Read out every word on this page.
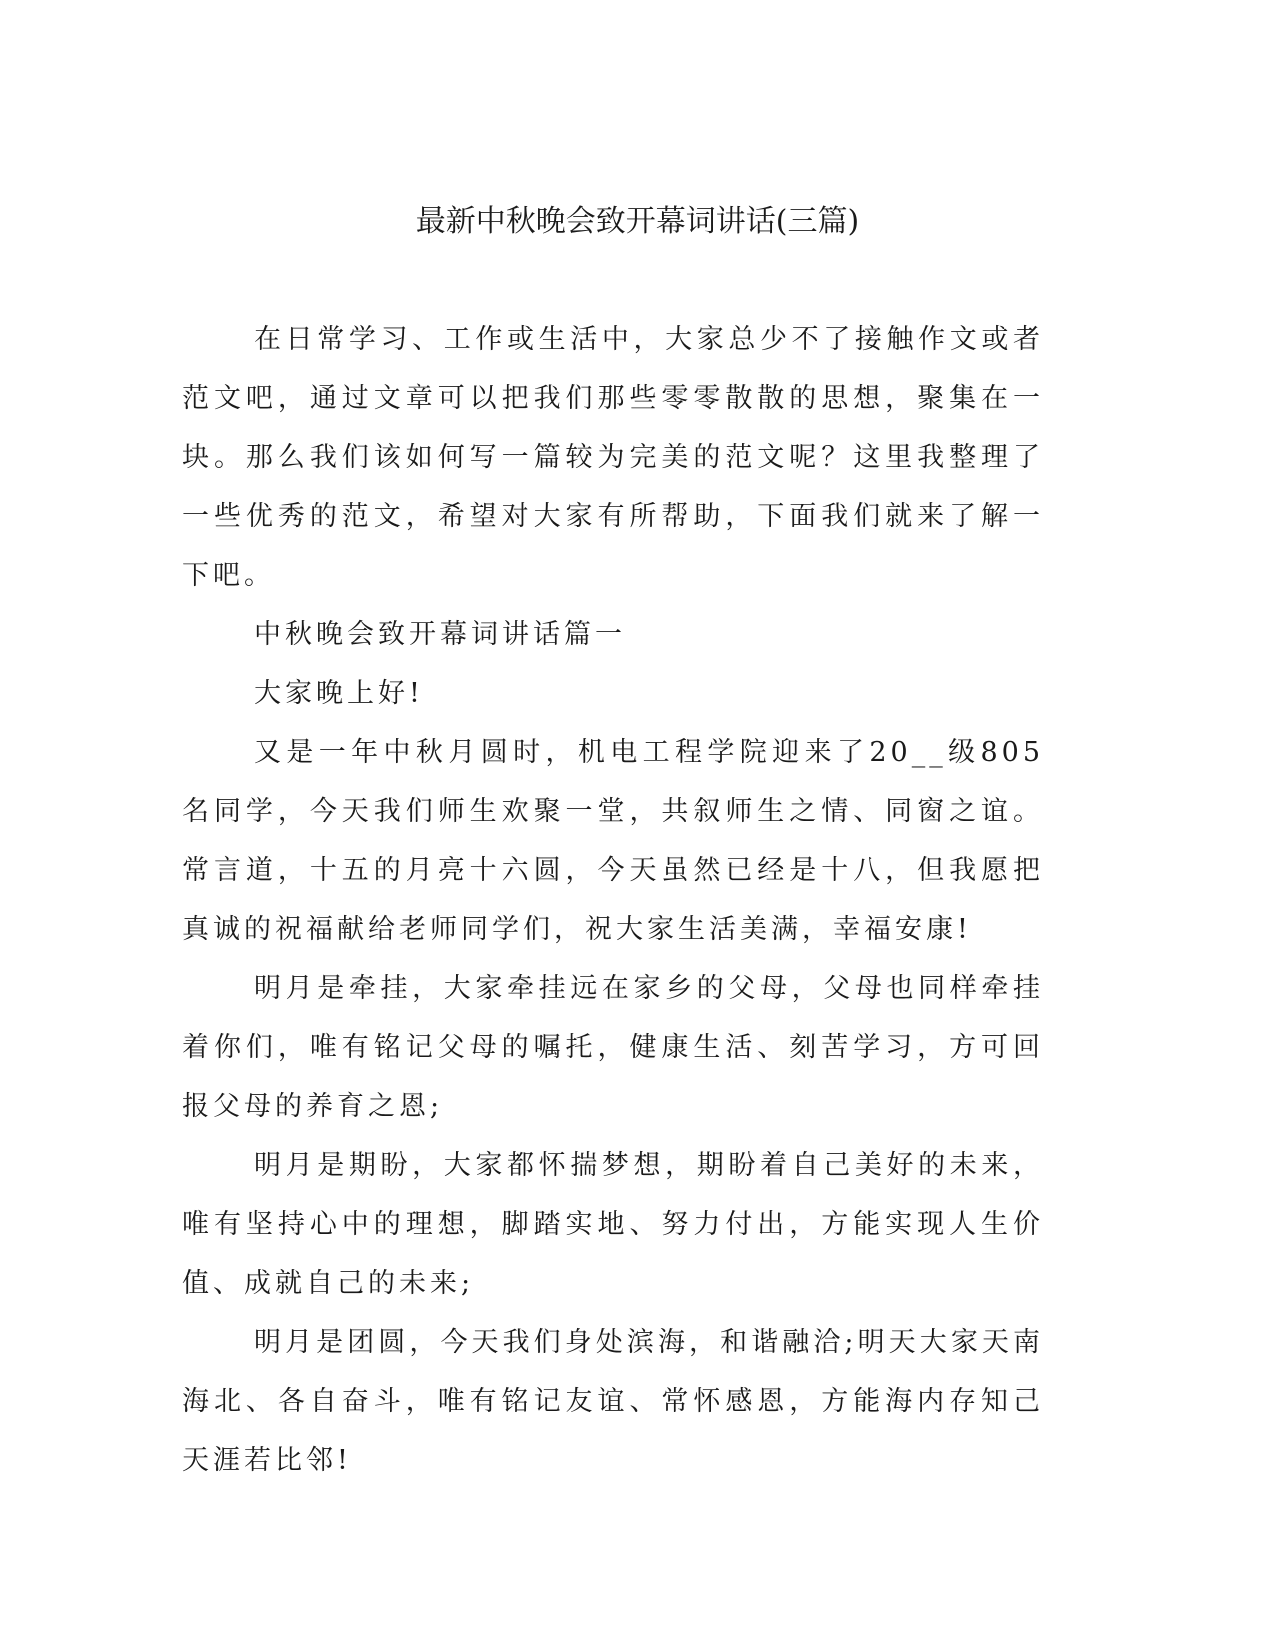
最新中秋晚会致开幕词讲话(三篇)

在日常学习、工作或生活中，大家总少不了接触作文或者范文吧，通过文章可以把我们那些零零散散的思想，聚集在一块。那么我们该如何写一篇较为完美的范文呢？这里我整理了一些优秀的范文，希望对大家有所帮助，下面我们就来了解一下吧。

中秋晚会致开幕词讲话篇一

大家晚上好!

又是一年中秋月圆时，机电工程学院迎来了20__级805名同学，今天我们师生欢聚一堂，共叙师生之情、同窗之谊。常言道，十五的月亮十六圆，今天虽然已经是十八，但我愿把真诚的祝福献给老师同学们，祝大家生活美满，幸福安康!

明月是牵挂，大家牵挂远在家乡的父母，父母也同样牵挂着你们，唯有铭记父母的嘱托，健康生活、刻苦学习，方可回报父母的养育之恩;

明月是期盼，大家都怀揣梦想，期盼着自己美好的未来，唯有坚持心中的理想，脚踏实地、努力付出，方能实现人生价值、成就自己的未来;

明月是团圆，今天我们身处滨海，和谐融洽;明天大家天南海北、各自奋斗，唯有铭记友谊、常怀感恩，方能海内存知己天涯若比邻!
